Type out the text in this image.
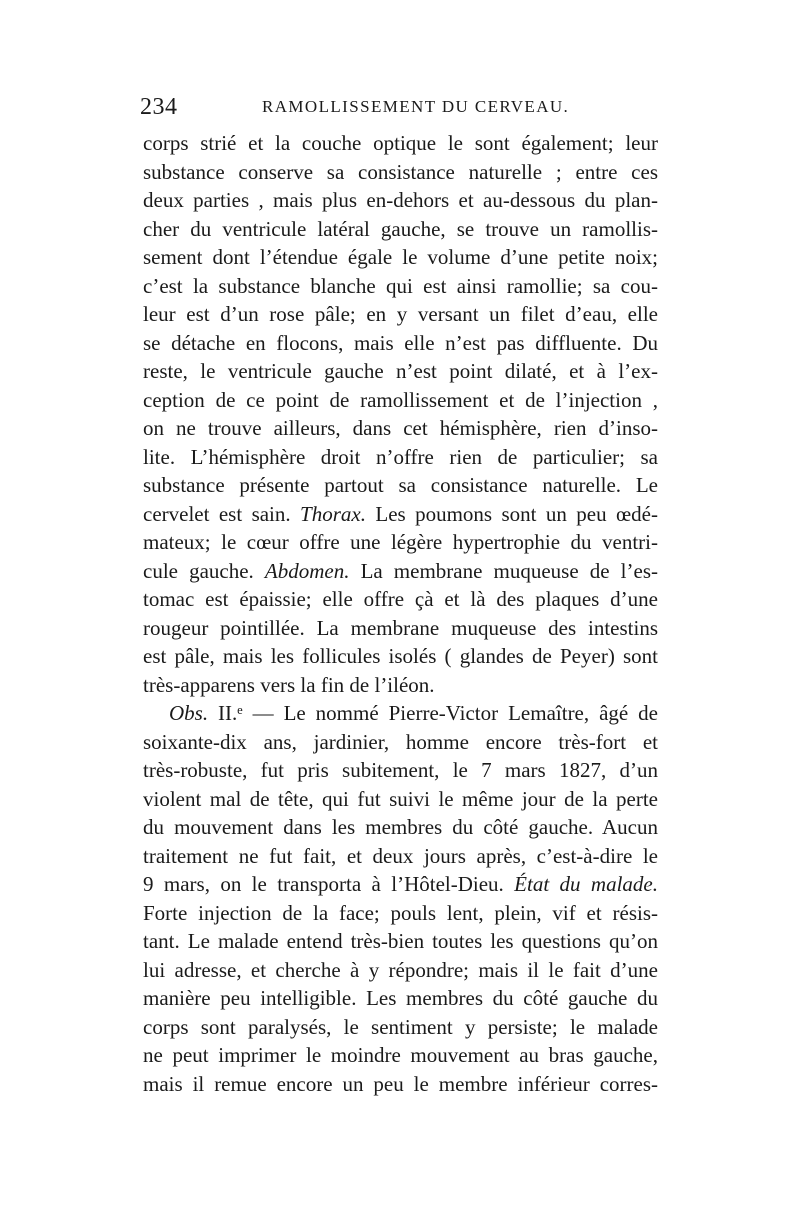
234	RAMOLLISSEMENT DU CERVEAU.
corps strié et la couche optique le sont également; leur
substance conserve sa consistance naturelle ; entre ces
deux parties , mais plus en-dehors et au-dessous du plan-
cher du ventricule latéral gauche, se trouve un ramollis-
sement dont l’étendue égale le volume d’une petite noix;
c’est la substance blanche qui est ainsi ramollie; sa cou-
leur est d’un rose pâle; en y versant un filet d’eau, elle
se détache en flocons, mais elle n’est pas diffluente. Du
reste, le ventricule gauche n’est point dilaté, et à l’ex-
ception de ce point de ramollissement et de l’injection ,
on ne trouve ailleurs, dans cet hémisphère, rien d’inso-
lite. L’hémisphère droit n’offre rien de particulier; sa
substance présente partout sa consistance naturelle. Le
cervelet est sain. Thorax. Les poumons sont un peu œdé-
mateux; le cœur offre une légère hypertrophie du ventri-
cule gauche. Abdomen. La membrane muqueuse de l’es-
tomac est épaissie; elle offre çà et là des plaques d’une
rougeur pointillée. La membrane muqueuse des intestins
est pâle, mais les follicules isolés ( glandes de Peyer) sont
très-apparens vers la fin de l’iléon.
Obs. II.ᵉ — Le nommé Pierre-Victor Lemaître, âgé de
soixante-dix ans, jardinier, homme encore très-fort et
très-robuste, fut pris subitement, le 7 mars 1827, d’un
violent mal de tête, qui fut suivi le même jour de la perte
du mouvement dans les membres du côté gauche. Aucun
traitement ne fut fait, et deux jours après, c’est-à-dire le
9 mars, on le transporta à l’Hôtel-Dieu. État du malade.
Forte injection de la face; pouls lent, plein, vif et résis-
tant. Le malade entend très-bien toutes les questions qu’on
lui adresse, et cherche à y répondre; mais il le fait d’une
manière peu intelligible. Les membres du côté gauche du
corps sont paralysés, le sentiment y persiste; le malade
ne peut imprimer le moindre mouvement au bras gauche,
mais il remue encore un peu le membre inférieur corres-
